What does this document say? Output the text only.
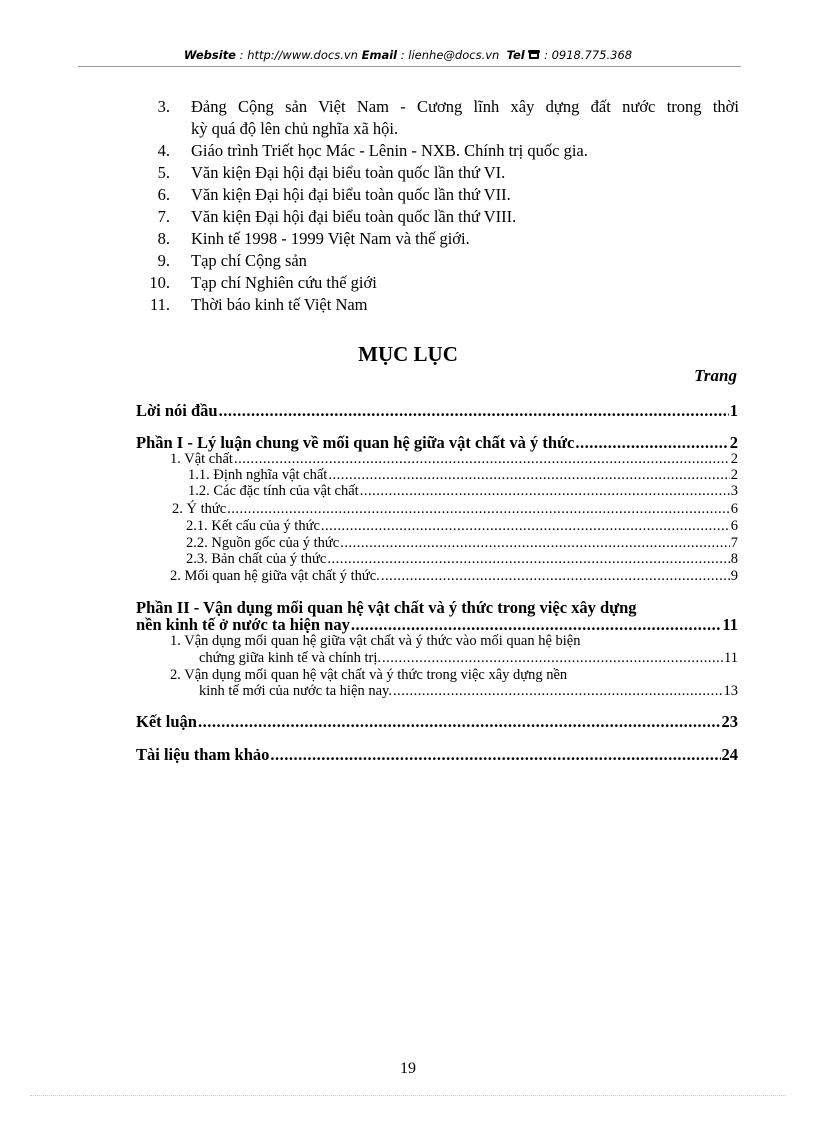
Website : http://www.docs.vn Email : lienhe@docs.vn Tel : 0918.775.368
3. Đảng Cộng sản Việt Nam - Cương lĩnh xây dựng đất nước trong thời
kỳ quá độ lên chủ nghĩa xã hội.
4. Giáo trình Triết học Mác - Lênin - NXB. Chính trị quốc gia.
5. Văn kiện Đại hội đại biểu toàn quốc lần thứ VI.
6. Văn kiện Đại hội đại biểu toàn quốc lần thứ VII.
7. Văn kiện Đại hội đại biểu toàn quốc lần thứ VIII.
8. Kinh tế 1998 - 1999 Việt Nam và thế giới.
9. Tạp chí Cộng sản
10. Tạp chí Nghiên cứu thế giới
11. Thời báo kinh tế Việt Nam
MỤC LỤC
Trang
Lời nói đầu .....	1
Phần I - Lý luận chung về mối quan hệ giữa vật chất và ý thức .....	2
1. Vật chất .....	2
1.1. Định nghĩa vật chất .....	2
1.2. Các đặc tính của vật chất .....	3
2. Ý thức .....	6
2.1. Kết cấu của ý thức .....	6
2.2. Nguồn gốc của ý thức .....	7
2.3. Bản chất của ý thức .....	8
2. Mối quan hệ giữa vật chất ý thức. .....	9
Phần II - Vận dụng mối quan hệ vật chất và ý thức trong việc xây dựng
nền kinh tế ở nước ta hiện nay .....	11
1. Vận dụng mối quan hệ giữa vật chất và ý thức vào mối quan hệ biện
chứng giữa kinh tế và chính trị. .....	11
2. Vận dụng mối quan hệ vật chất và ý thức trong việc xây dựng nền
kinh tế mới của nước ta hiện nay. .....	13
Kết luận .....	23
Tài liệu tham khảo .....	24
19
